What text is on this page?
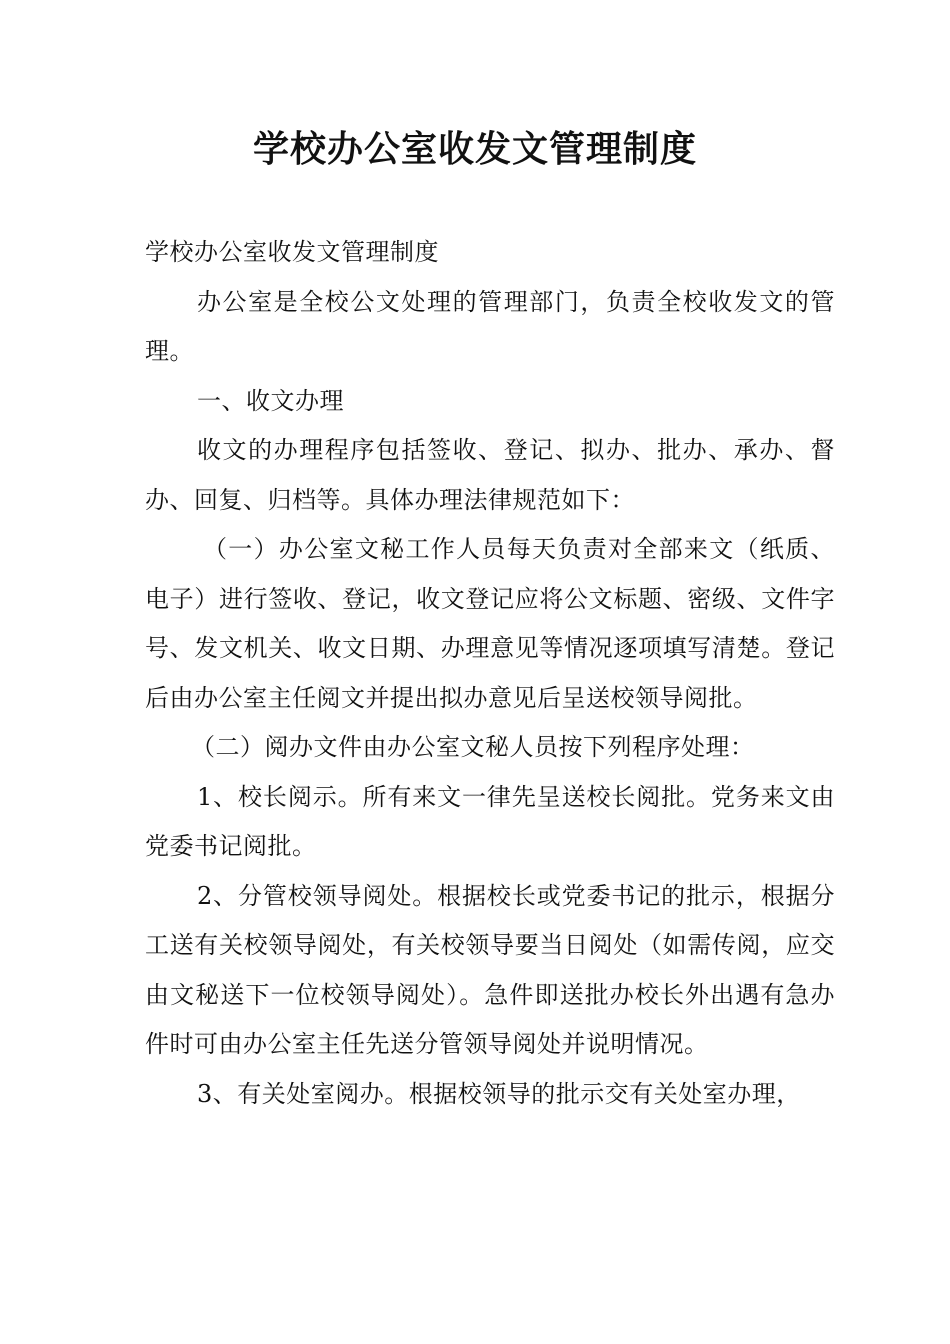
学校办公室收发文管理制度

学校办公室收发文管理制度

办公室是全校公文处理的管理部门，负责全校收发文的管理。

一、收文办理

收文的办理程序包括签收、登记、拟办、批办、承办、督办、回复、归档等。具体办理法律规范如下：

（一）办公室文秘工作人员每天负责对全部来文（纸质、电子）进行签收、登记，收文登记应将公文标题、密级、文件字号、发文机关、收文日期、办理意见等情况逐项填写清楚。登记后由办公室主任阅文并提出拟办意见后呈送校领导阅批。

（二）阅办文件由办公室文秘人员按下列程序处理：

1、校长阅示。所有来文一律先呈送校长阅批。党务来文由党委书记阅批。

2、分管校领导阅处。根据校长或党委书记的批示，根据分工送有关校领导阅处，有关校领导要当日阅处（如需传阅，应交由文秘送下一位校领导阅处）。急件即送批办校长外出遇有急办件时可由办公室主任先送分管领导阅处并说明情况。

3、有关处室阅办。根据校领导的批示交有关处室办理，
